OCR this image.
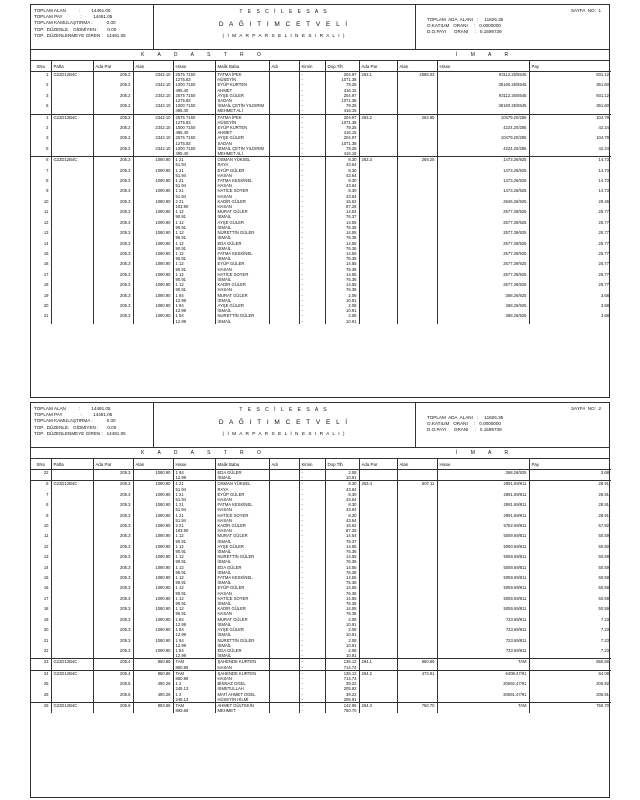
TOPLAM ALAN          :         14491.05
TOPLAM PAY              :         14491.05
TOPLAM KAMULAŞTIRMA :           0.00
TOP.  DÜZENLE.   GİDMİYEN :       0.00
TOP.  DÜZENLENMEYE GİREN :   14491.05
T E S C İ L E E S A S
D A Ğ I T I M C E T V E L İ
( İ M A R P A R S E L İ N E S I R A L I )
TOPLAM  ADA  ALANI   :     11826.35
O.KATILIM   ORANI     :   0.0000000
D.O.PAYI      ORANI     :   0.1599739
SAYFA  NO:  1
K A D A S T R O	İ M A R
SNo	Pafta	Ada Par	Alan	Hisse	Malik Baba	Adı	Kimin	Dop.Tlh	Ada Par	Alan	Hisse	Pay
1	G22D12B4C	205.2	2342.10	2575 7150	FATMA İPEK		-	204.97	263.1	2585.03	93112.25/8545	931.12
				1275.83	HÜSEYİN		-	1071.38				
2		205.2	2342.10	1000 7150	EYÜP KURTEN		-	79.25			36160.25/8545	361.60
				495.40	AHMET		-	416.15				
3		205.2	2342.10	2575 7150	AYŞE GÜLER		-	204.97			93112.25/8545	931.12
				1275.83	SADAN		-	1071.38				
5		205.2	2342.10	1000 7150	İSMAİL ÇETİN YILDIRIM		-	79.25			36160.25/8545	361.60
				495.40	MEHMET ALİ		-	416.15				
1	G22D12B4C	205.2	2342.10	2575 7150	FATMA İPEK		-	204.97	263.2	262.85	10479.20/285	104.79
				1275.83	HÜSEYİN		-	1071.38				
2		205.2	2342.10	1000 7150	EYÜP KURTEN		-	79.25			4224.20/285	42.24
				495.40	AHMET		-	416.15				
3		205.2	2342.10	2575 7150	AYŞE GÜLER		-	204.97			10479.20/285	104.79
				1275.83	SADAN		-	1071.38				
5		205.2	2342.10	1000 7150	İSMAİL ÇETİN YILDIRIM		-	79.25			4224.20/285	42.24
				495.40	MEHMET ALİ		-	416.15				
6	G22D12B4C	205.3	1090.90	1 21	OSMAN YÜKSEL		-	8.30	263.3	269.25	1473.26/925	14.73
				51.94	RAYA		-	43.64				
7		205.3	1090.90	1 21	EYÜP GÜLER		-	8.30			1473.26/925	14.73
				51.94	HASAN		-	43.64				
8		205.3	1090.90	1 21	FATMA KESKİNEL		-	8.30			1473.26/925	14.73
				51.94	HASAN		-	43.64				
9		205.3	1090.90	1 21	HATİCE SOYER		-	8.30			1473.26/925	14.73
				51.94	HASAN		-	43.64				
10		205.3	1090.90	2 21	KADİR GÜLER		-	16.62			2946.26/925	29.46
				103.90	HASAN		-	87.28				
11		205.3	1090.90	1 12	MURAT GÜLER		-	14.54			2577.39/925	25.77
				90.91	İSMAİL		-	76.37				
12		205.3	1090.90	1 12	AYŞE GÜLER		-	14.55			2577.39/925	25.77
				90.91	İSMAİL		-	76.36				
13		205.3	1090.90	1 12	NURETTİN GÜLER		-	14.55			2577.39/925	25.77
				90.91	İSMAİL		-	76.36				
14		205.3	1090.90	1 12	EDA GÜLER		-	14.55			2577.39/925	25.77
				90.91	İSMAİL		-	76.36				
15		205.3	1090.90	1 12	FATMA KESKİNEL		-	14.55			2577.39/925	25.77
				90.91	İSMAİL		-	76.36				
16		205.3	1090.90	1 12	EYÜP GÜLER		-	14.55			2577.39/925	25.77
				90.91	HASAN		-	76.36				
17		205.3	1090.90	1 12	HATİCE SOYER		-	14.55			2577.39/925	25.77
				90.91	İSMAİL		-	76.36				
18		205.3	1090.90	1 12	KADİR GÜLER		-	14.55			2577.39/925	25.77
				90.91	HASAN		-	76.36				
19		205.3	1090.90	1 84	MURAT GÜLER		-	2.08			368.26/925	3.68
				12.99	İSMAİL		-	10.91				
20		205.3	1090.90	1 84	AYŞE GÜLER		-	2.08			368.26/925	3.68
				12.99	İSMAİL		-	10.91				
21		205.3	1090.90	1 84	NURETTİN GÜLER		-	2.08			368.26/925	3.68
				12.99	İSMAİL		-	10.91				
TOPLAM ALAN          :         14491.05
TOPLAM PAY              :         14491.05
TOPLAM KAMULAŞTIRMA :           0.00
TOP.  DÜZENLE.   GİDMİYEN :       0.00
TOP.  DÜZENLENMEYE GİREN :   14491.05
T E S C İ L E E S A S
D A Ğ I T I M C E T V E L İ
( İ M A R P A R S E L İ N E S I R A L I )
TOPLAM  ADA  ALANI   :     11826.35
O.KATILIM   ORANI     :   0.0000000
D.O.PAYI      ORANI     :   0.1599739
SAYFA  NO:  2
K A D A S T R O	İ M A R
SNo	Pafta	Ada Par	Alan	Hisse	Malik Baba	Adı	Kimin	Dop.Tlh	Ada Par	Alan	Hisse	Pay
22		205.3	1090.90	1 84	EDA GÜLER		-	2.08			368.26/925	3.68
				12.99	İSMAİL		-	10.91				
6	G22D12B4C	205.3	1090.90	1 21	OSMAN YÜKSEL		-	8.30	263.4	607.11	2891.69/811	28.91
				51.94	RAYA		-	43.64				
7		205.3	1090.90	1 21	EYÜP GÜLER		-	8.30			2891.69/811	28.91
				51.94	HASAN		-	43.64				
8		205.3	1090.90	1 21	FATMA KESKİNEL		-	8.30			2891.69/811	28.91
				51.94	HASAN		-	43.64				
9		205.3	1090.90	1 21	HATİCE SOYER		-	8.30			2891.69/811	28.91
				51.94	HASAN		-	43.64				
10		205.3	1090.90	2 21	KADİR GÜLER		-	16.62			5782.69/811	57.82
				103.90	HASAN		-	87.28				
11		205.3	1090.90	1 12	MURAT GÜLER		-	14.54			5059.69/811	50.59
				90.91	İSMAİL		-	76.37				
12		205.3	1090.90	1 12	AYŞE GÜLER		-	14.55			5060.69/811	50.60
				90.91	İSMAİL		-	76.36				
13		205.3	1090.90	1 12	NURETTİN GÜLER		-	14.55			5059.69/811	50.59
				90.91	İSMAİL		-	76.36				
14		205.3	1090.90	1 12	EDA GÜLER		-	14.55			5059.69/811	50.59
				90.91	İSMAİL		-	76.36				
15		205.3	1090.90	1 12	FATMA KESKİNEL		-	14.55			5059.69/811	50.59
				90.91	İSMAİL		-	76.36				
16		205.3	1090.90	1 12	EYÜP GÜLER		-	14.55			5059.69/811	50.59
				90.91	HASAN		-	76.36				
17		205.3	1090.90	1 12	HATİCE SOYER		-	14.55			5059.69/811	50.59
				90.91	İSMAİL		-	76.36				
18		205.3	1090.90	1 12	KADİR GÜLER		-	14.55			5059.69/811	50.59
				90.91	HASAN		-	76.36				
19		205.3	1090.90	1 84	MURAT GÜLER		-	2.08			723.69/811	7.23
				12.99	İSMAİL		-	10.91				
20		205.3	1090.90	1 84	AYŞE GÜLER		-	2.08			723.69/811	7.23
				12.99	İSMAİL		-	10.91				
21		205.3	1090.90	1 84	NURETTİN GÜLER		-	2.08			723.69/811	7.23
				12.99	İSMAİL		-	10.91				
22		205.3	1090.90	1 84	EDA GÜLER		-	2.08			723.69/811	7.23
				12.99	İSMAİL		-	10.91				
23	G22D12B4C	205.4	850.86	TAM	ŞAHENDE KURTEN		-	136.12	264.1	650.66	TAM	650.66
				850.86	HASAN		-	714.74				
24	G22D12B4C	205.4	850.86	TAM	ŞAHENDE KURTEN		-	136.12	264.2	473.91	6408.47/91	64.08
				850.86	HASAN		-	714.74				
25		205.5	490.26	1 2	BİNNAZ OGEL		-	39.22			20592.47/91	205.92
				245.13	İSMETULLAH		-	205.92				
25		205.5	490.26	1 2	MATİ AHMET OGEL		-	39.22			20591.47/91	205.91
				245.13	HÜSEYİN HİLMİ		-	205.91				
26	G22D12B4C	205.6	893.66	TAM	AHMET GÜLTEKİN		-	142.96	264.3	750.70	TAM	750.70
				893.66	MEHMET		-	750.70				
